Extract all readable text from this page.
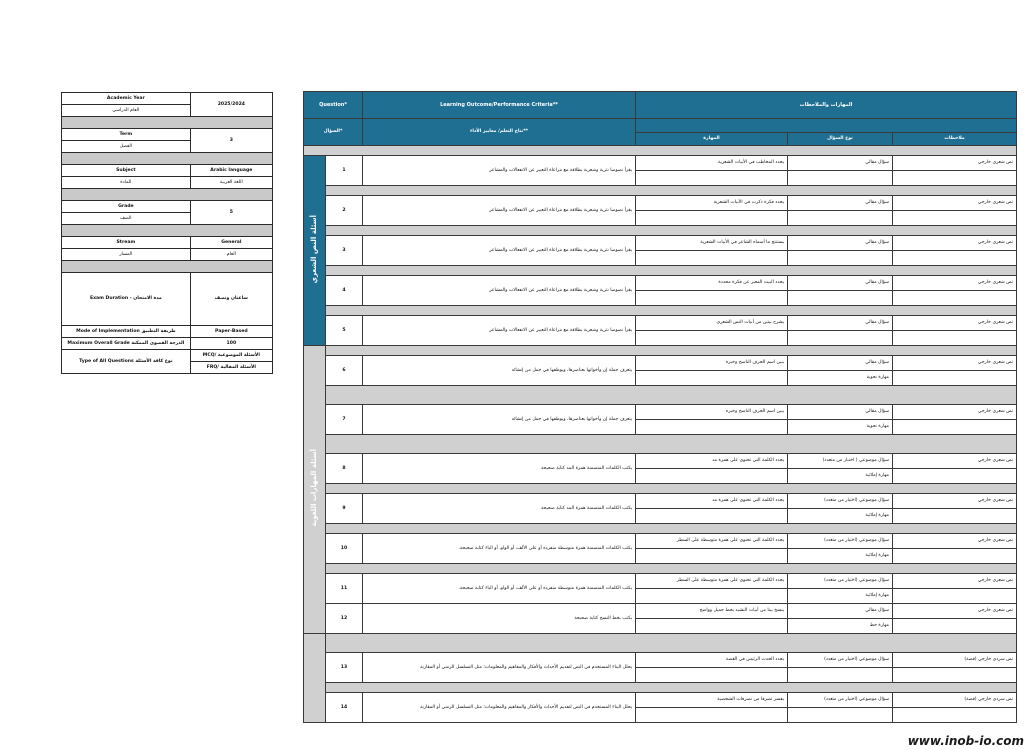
Academic Year	2025/2024
العام الدراسي	

Term	3
الفصل	

Subject	Arabic language
المادة	اللغة العربية

Grade	5
الصف	

Stream	General
المسار	العام

Exam Duration - مدة الامتحان	ساعتان ونصف
Mode of Implementation طريقة التطبيق	Paper-Based
Maximum Overall Grade الدرجة القصوى الممكنة	100
Type of All Questions نوع كافة الأسئلة	MCQ/ الأسئلة الموضوعية
	FRQ/ الأسئلة المقالية
Question*		Learning Outcome/Performance Criteria**	المهارات والملاحظات		
السؤال*		نتاج التعلم/ معايير الأداء**			
			المهارة	نوع السؤال	ملاحظات

أسئلة النص الشعري	1	يقرأ نصوصا نثرية وشعرية بطلاقة مع مراعاة التعبير عن الانفعالات والمشاعر	يحدد المخاطب في الأبيات الشعرية	سؤال مقالي	نص شعري خارجي

	2	يقرأ نصوصا نثرية وشعرية بطلاقة مع مراعاة التعبير عن الانفعالات والمشاعر	يحدد فكرة ذكرت في الأبيات الشعرية	سؤال مقالي	نص شعري خارجي

	3	يقرأ نصوصا نثرية وشعرية بطلاقة مع مراعاة التعبير عن الانفعالات والمشاعر	يستنتج ما أسماه الشاعر في الأبيات الشعرية	سؤال مقالي	نص شعري خارجي

	4	يقرأ نصوصا نثرية وشعرية بطلاقة مع مراعاة التعبير عن الانفعالات والمشاعر	يحدد البيت المعبر عن فكرة محددة	سؤال مقالي	نص شعري خارجي

	5	يقرأ نصوصا نثرية وشعرية بطلاقة مع مراعاة التعبير عن الانفعالات والمشاعر	يشرح بيتين من أبيات النص الشعري	سؤال مقالي	نص شعري خارجي

أسئلة المهارات اللغوية					
	6	يتعرف جملة إن وأخواتها بعناصرها، ويوظفها في جمل من إنشائه	يبين اسم الحرف الناسخ وخبره	سؤال مقالي	نص شعري خارجي
				مهارة نحوية	

	7	يتعرف جملة إن وأخواتها بعناصرها، ويوظفها في جمل من إنشائه	يبين اسم الحرف الناسخ وخبره	سؤال مقالي	نص شعري خارجي
				مهارة نحوية	

	8	يكتب الكلمات المتضمنة همزة المد كتابة صحيحة	يحدد الكلمة التي تحتوي على همزة مد	سؤال موضوعي ( اختيار من متعدد)	نص شعري خارجي
				مهارة إملائية	

	9	يكتب الكلمات المتضمنة همزة المد كتابة صحيحة	يحدد الكلمة التي تحتوي على همزة مد	سؤال موضوعي (اختيار من متعدد)	نص شعري خارجي
				مهارة إملائية	

	10	يكتب الكلمات المتضمنة همزة متوسطة منفردة أو على الألف، أو الواو، أو الياء كتابة صحيحة.	يحدد الكلمة التي تحتوي على همزة متوسطة على السطر	سؤال موضوعي (اختيار من متعدد)	نص شعري خارجي
				مهارة إملائية	

	11	يكتب الكلمات المتضمنة همزة متوسطة منفردة أو على الألف، أو الواو، أو الياء كتابة صحيحة.	يحدد الكلمة التي تحتوي على همزة متوسطة على السطر	سؤال موضوعي (اختيار من متعدد)	نص شعري خارجي
				مهارة إملائية	
	12	يكتب بخط النسخ كتابة صحيحة	ينسخ بيتا من أبيات النشيد بخط جميل وواضح	سؤال مقالي	نص شعري خارجي
				مهارة خط	

	13	يحلل البناء المستخدم في النص لتقديم الأحداث والأفكار والمفاهيم والمعلومات؛ مثل التسلسل الزمني أو المقارنة	يحدد الحدث الرئيس في القصة	سؤال موضوعي (اختيار من متعدد)	نص سردي خارجي (قصة)

	14	يحلل البناء المستخدم في النص لتقديم الأحداث والأفكار والمفاهيم والمعلومات؛ مثل التسلسل الزمني أو المقارنة	يفسر تصرفا من تصرفات الشخصية	سؤال موضوعي (اختيار من متعدد)	نص سردي خارجي (قصة)

www.inob-io.com
